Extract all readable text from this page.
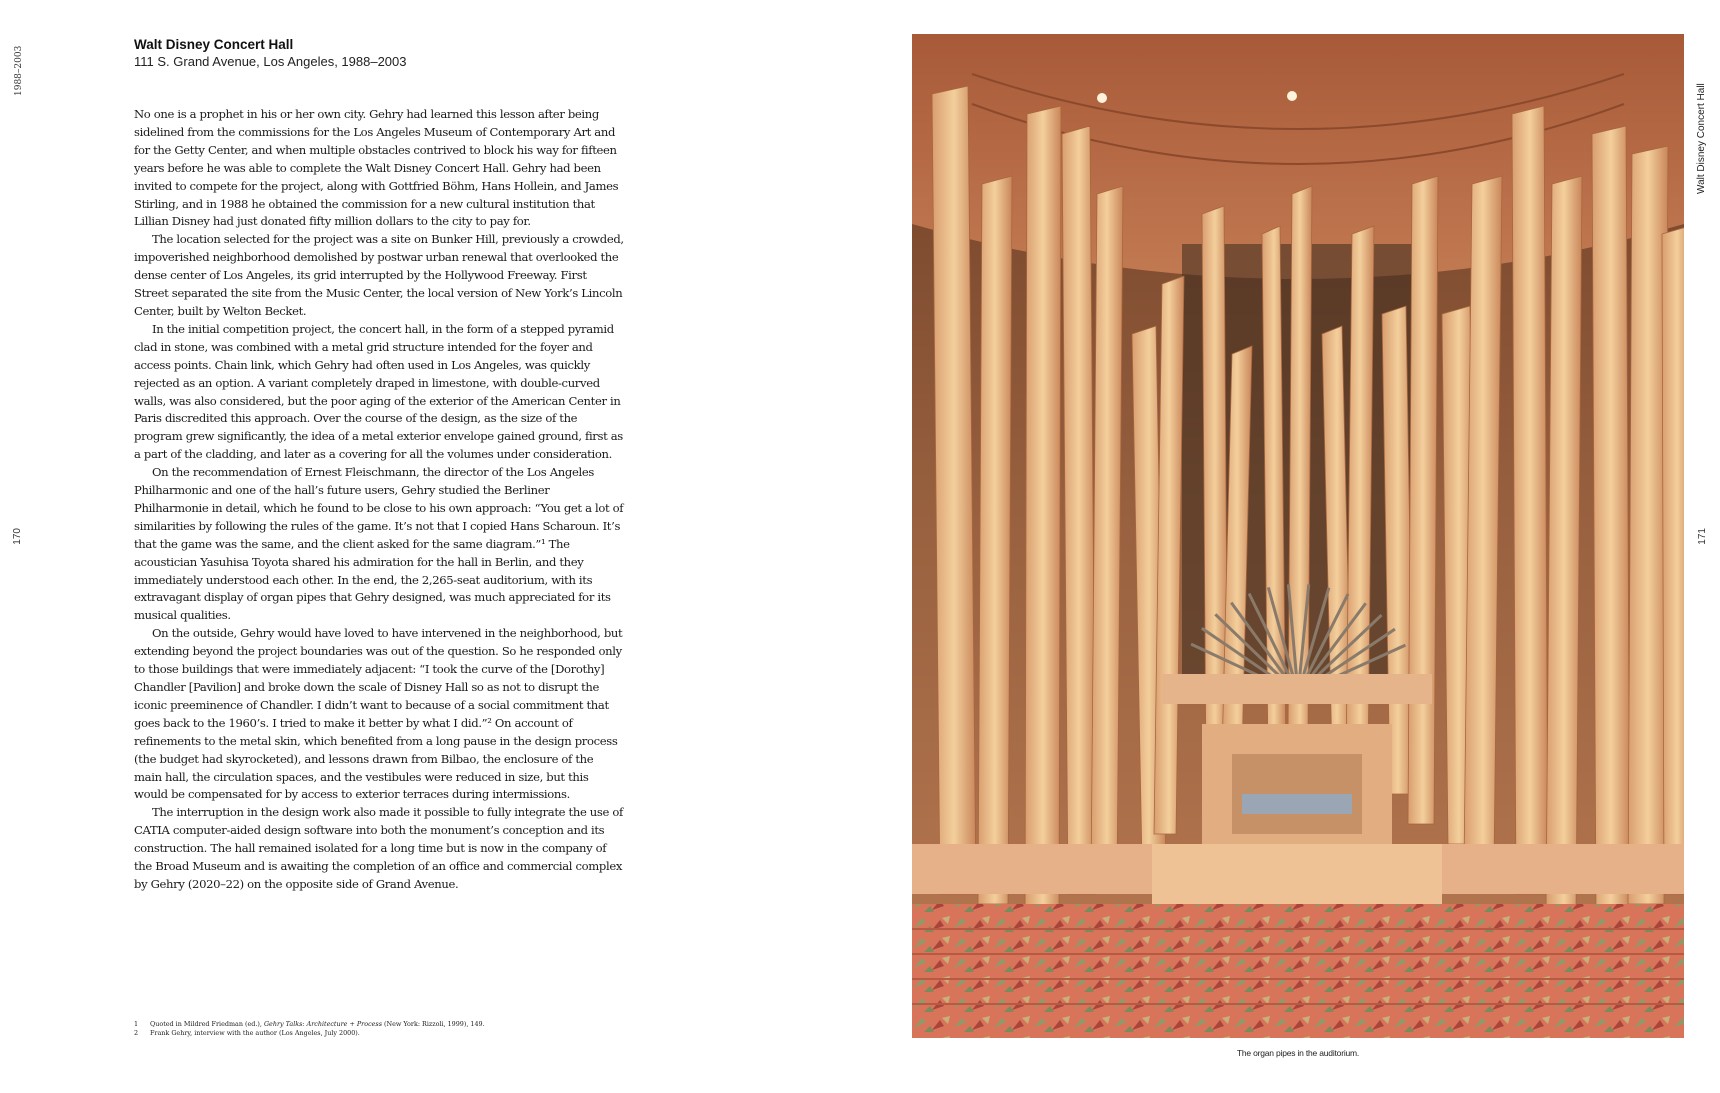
1988–2003
170
Walt Disney Concert Hall
111 S. Grand Avenue, Los Angeles, 1988–2003

No one is a prophet in his or her own city. Gehry had learned this lesson after being sidelined from the commissions for the Los Angeles Museum of Contemporary Art and for the Getty Center, and when multiple obstacles contrived to block his way for fifteen years before he was able to complete the Walt Disney Concert Hall. Gehry had been invited to compete for the project, along with Gottfried Böhm, Hans Hollein, and James Stirling, and in 1988 he obtained the commission for a new cultural institution that Lillian Disney had just donated fifty million dollars to the city to pay for.

The location selected for the project was a site on Bunker Hill, previously a crowded, impoverished neighborhood demolished by postwar urban renewal that overlooked the dense center of Los Angeles, its grid interrupted by the Hollywood Freeway. First Street separated the site from the Music Center, the local version of New York’s Lincoln Center, built by Welton Becket.

In the initial competition project, the concert hall, in the form of a stepped pyramid clad in stone, was combined with a metal grid structure intended for the foyer and access points. Chain link, which Gehry had often used in Los Angeles, was quickly rejected as an option. A variant completely draped in limestone, with double-curved walls, was also considered, but the poor aging of the exterior of the American Center in Paris discredited this approach. Over the course of the design, as the size of the program grew significantly, the idea of a metal exterior envelope gained ground, first as a part of the cladding, and later as a covering for all the volumes under consideration.

On the recommendation of Ernest Fleischmann, the director of the Los Angeles Philharmonic and one of the hall’s future users, Gehry studied the Berliner Philharmonie in detail, which he found to be close to his own approach: “You get a lot of similarities by following the rules of the game. It’s not that I copied Hans Scharoun. It’s that the game was the same, and the client asked for the same diagram.”¹ The acoustician Yasuhisa Toyota shared his admiration for the hall in Berlin, and they immediately understood each other. In the end, the 2,265-seat auditorium, with its extravagant display of organ pipes that Gehry designed, was much appreciated for its musical qualities.

On the outside, Gehry would have loved to have intervened in the neighborhood, but extending beyond the project boundaries was out of the question. So he responded only to those buildings that were immediately adjacent: “I took the curve of the [Dorothy] Chandler [Pavilion] and broke down the scale of Disney Hall so as not to disrupt the iconic preeminence of Chandler. I didn’t want to because of a social commitment that goes back to the 1960’s. I tried to make it better by what I did.”² On account of refinements to the metal skin, which benefited from a long pause in the design process (the budget had skyrocketed), and lessons drawn from Bilbao, the enclosure of the main hall, the circulation spaces, and the vestibules were reduced in size, but this would be compensated for by access to exterior terraces during intermissions.

The interruption in the design work also made it possible to fully integrate the use of CATIA computer-aided design software into both the monument’s conception and its construction. The hall remained isolated for a long time but is now in the company of the Broad Museum and is awaiting the completion of an office and commercial complex by Gehry (2020–22) on the opposite side of Grand Avenue.

1	Quoted in Mildred Friedman (ed.), Gehry Talks: Architecture + Process (New York: Rizzoli, 1999), 149.
2	Frank Gehry, interview with the author (Los Angeles, July 2000).
The organ pipes in the auditorium.
Walt Disney Concert Hall
171
